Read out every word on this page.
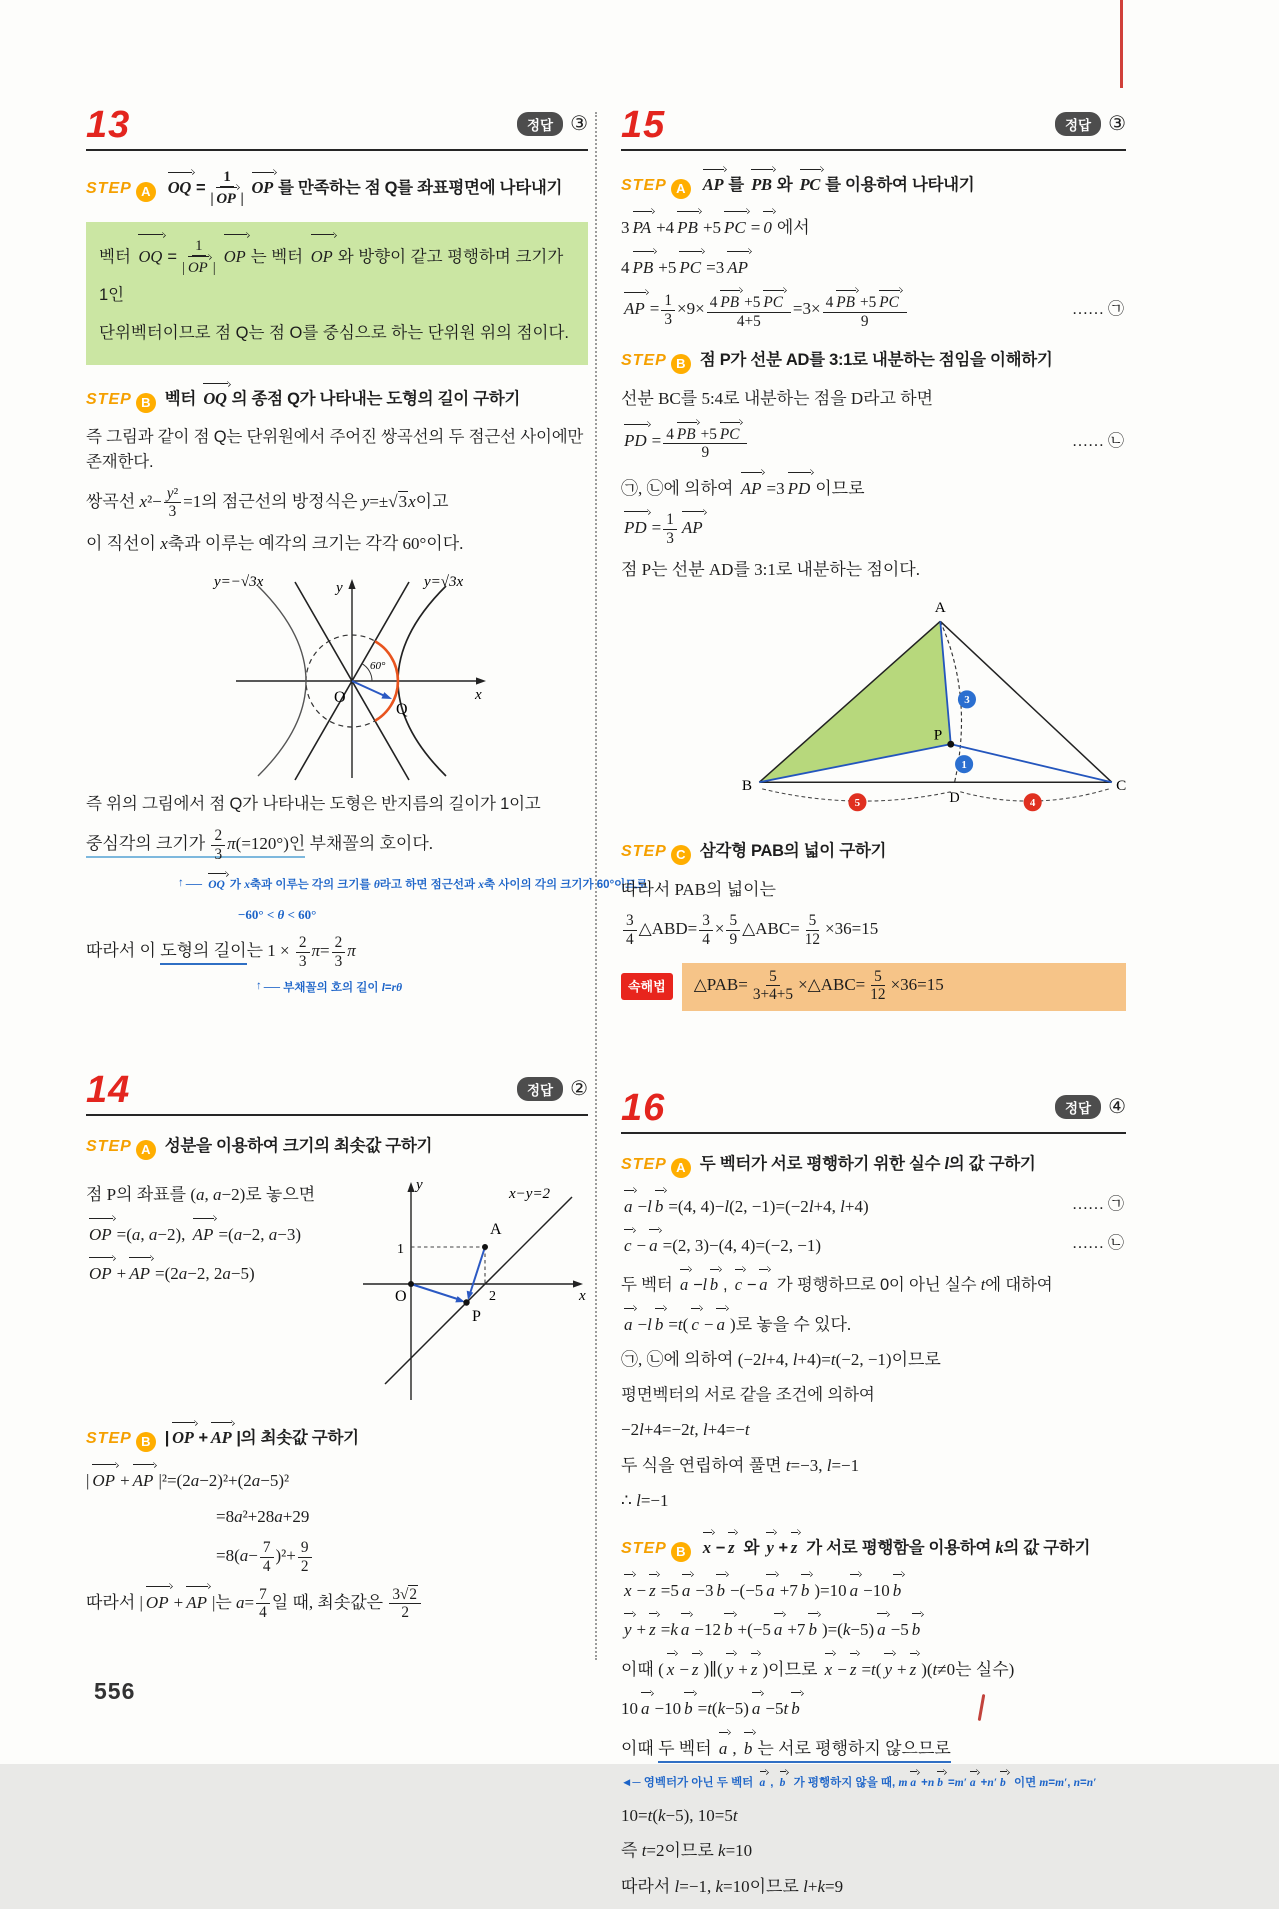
13	정답 ③
STEP A OQ = $\frac{1}{| OP |}$ OP 를 만족하는 점 Q를 좌표평면에 나타내기
벡터 OQ = $\frac{1}{| OP |}$ OP 는 벡터 OP 와 방향이 같고 평행하며 크기가 1인
단위벡터이므로 점 Q는 점 O를 중심으로 하는 단위원 위의 점이다.
STEP B 벡터 OQ 의 종점 Q가 나타내는 도형의 길이 구하기
즉 그림과 같이 점 Q는 단위원에서 주어진 쌍곡선의 두 점근선 사이에만 존재한다.
쌍곡선 $x^2- \frac{\text{y²}}{3} =1$의 점근선의 방정식은 y=±√3x이고
이 직선이 x축과 이루는 예각의 크기는 각각 60°이다.
y=−√3x	y=√3x
y
x
O
Q
60°
즉 위의 그림에서 점 Q가 나타내는 도형은 반지름의 길이가 1이고
중심각의 크기가 $\frac{2}{3} \pi(=120^\circ)$인 부채꼴의 호이다.
↑ ── OQ 가 x축과 이루는 각의 크기를 θ라고 하면 점근선과 x축 사이의 각의 크기가 60°이므로
−60° < θ < 60°
따라서 이 도형의 길이는 $1 \times \frac{2}{3} \pi= \frac{2}{3}$ π
↑ ── 부채꼴의 호의 길이 l=rθ
14	정답 ②
STEP A 성분을 이용하여 크기의 최솟값 구하기
점 P의 좌표를 (a, a−2)로 놓으면
OP =(a, a−2), AP =(a−2, a−3)
OP + AP =(2a−2, 2a−5)
1
2
A
P
O	x
y
x−y=2
STEP B | OP + AP |의 최솟값 구하기
| OP + AP |²=(2a−2)²+(2a−5)²
=8a²+28a+29
$=8(a- \frac{7}{4} )^2+ \frac{9}{2}$
따라서 | OP + AP |는 $a= \frac{7}{4}$ 일 때, 최솟값은 $\frac{3√2}{2}$
15	정답 ③
STEP A AP 를 PB 와 PC 를 이용하여 나타내기
3 PA +4 PB +5 PC = 0 에서
4 PB +5 PC =3 AP
AP = $\frac{1}{3} \times 9\times \frac{4 PB +5 PC}{4+5} =3\times \frac{4 PB +5 PC}{9}$	…… ㉠
STEP B 점 P가 선분 AD를 3:1로 내분하는 점임을 이해하기
선분 BC를 5:4로 내분하는 점을 D라고 하면
PD = $\frac{4 PB +5 PC}{9}$	…… ㉡
㉠, ㉡에 의하여 AP =3 PD 이므로
PD = $\frac{1}{3}$ AP
점 P는 선분 AD를 3:1로 내분하는 점이다.
3
1
5	4
A
B	C
D
P
STEP C 삼각형 PAB의 넓이 구하기
따라서 PAB의 넓이는
$\frac{3}{4}$ △ABD= $\frac{3}{4} \times \frac{5}{9}$ △ABC= $\frac{5}{12} \times 36=15$
속해법	△PAB= $\frac{5}{3+4+5}$ ×△ABC= $\frac{5}{12} \times 36=15$
16	정답 ④
STEP A 두 벡터가 서로 평행하기 위한 실수 l의 값 구하기
a −l b =(4, 4)−l(2, −1)=(−2l+4, l+4)	…… ㉠
c − a =(2, 3)−(4, 4)=(−2, −1)	…… ㉡
두 벡터 a −l b , c − a 가 평행하므로 0이 아닌 실수 t에 대하여
a −l b =t( c − a )로 놓을 수 있다.
㉠, ㉡에 의하여 (−2l+4, l+4)=t(−2, −1)이므로
평면벡터의 서로 같을 조건에 의하여
−2l+4=−2t, l+4=−t
두 식을 연립하여 풀면 t=−3, l=−1
∴ l=−1
STEP B x − z 와 y + z 가 서로 평행함을 이용하여 k의 값 구하기
x − z =5 a −3 b −(−5 a +7 b )=10 a −10 b
y + z =k a −12 b +(−5 a +7 b )=(k−5) a −5 b
이때 ( x − z )∥( y + z )이므로 x − z =t( y + z )(t≠0는 실수)
10 a −10 b =t(k−5) a −5t b
이때 두 벡터 a , b 는 서로 평행하지 않으므로
◄─ 영벡터가 아닌 두 벡터 a , b 가 평행하지 않을 때, m a +n b =m′ a +n′ b 이면 m=m′, n=n′
10=t(k−5), 10=5t
즉 t=2이므로 k=10
따라서 l=−1, k=10이므로 l+k=9
556
